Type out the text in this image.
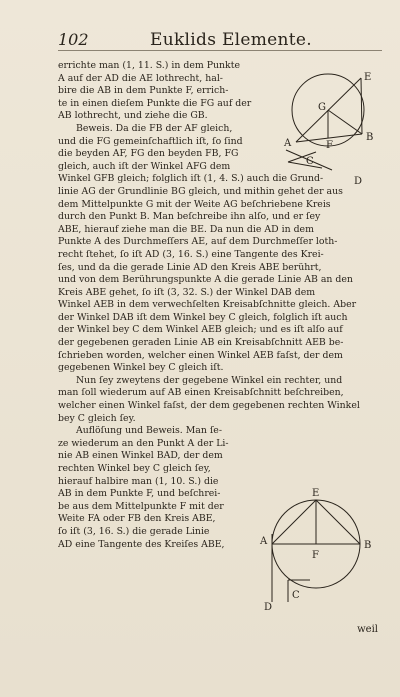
102	Euklids Elemente.
errichte man (1, 11. S.) in dem Punkte
A auf der AD die AE lothrecht, hal-
bire die AB in dem Punkte F, errich-
te in einen dieſem Punkte die FG auf der
AB lothrecht, und ziehe die GB.
Beweis. Da die FB der AF gleich,
und die FG gemeinſchaftlich iſt, ſo ſind
die beyden AF, FG den beyden FB, FG
gleich, auch iſt der Winkel AFG dem
Winkel GFB gleich; folglich iſt (1, 4. S.) auch die Grund-
linie AG der Grundlinie BG gleich, und mithin gehet der aus
dem Mittelpunkte G mit der Weite AG beſchriebene Kreis
durch den Punkt B. Man beſchreibe ihn alſo, und er ſey
ABE, hierauf ziehe man die BE. Da nun die AD in dem
Punkte A des Durchmeſſers AE, auf dem Durchmeſſer loth-
recht ſtehet, ſo iſt AD (3, 16. S.) eine Tangente des Krei-
ſes, und da die gerade Linie AD den Kreis ABE berührt,
und von dem Berührungspunkte A die gerade Linie AB an den
Kreis ABE gehet, ſo iſt (3, 32. S.) der Winkel DAB dem
Winkel AEB in dem verwechſelten Kreisabſchnitte gleich. Aber
der Winkel DAB iſt dem Winkel bey C gleich, folglich iſt auch
der Winkel bey C dem Winkel AEB gleich; und es iſt alſo auf
der gegebenen geraden Linie AB ein Kreisabſchnitt AEB be-
ſchrieben worden, welcher einen Winkel AEB faſst, der dem
gegebenen Winkel bey C gleich iſt.
Nun ſey zweytens der gegebene Winkel ein rechter, und
man ſoll wiederum auf AB einen Kreisabſchnitt beſchreiben,
welcher einen Winkel faſst, der dem gegebenen rechten Winkel
bey C gleich ſey.
Auflöſung und Beweis. Man ſe-
ze wiederum an den Punkt A der Li-
nie AB einen Winkel BAD, der dem
rechten Winkel bey C gleich ſey,
hierauf halbire man (1, 10. S.) die
AB in dem Punkte F, und beſchrei-
be aus dem Mittelpunkte F mit der
Weite FA oder FB den Kreis ABE,
ſo iſt (3, 16. S.) die gerade Linie
AD eine Tangente des Kreiſes ABE,
E
G
A	F
B
C
D
E
A
F
B
D
C
weil
